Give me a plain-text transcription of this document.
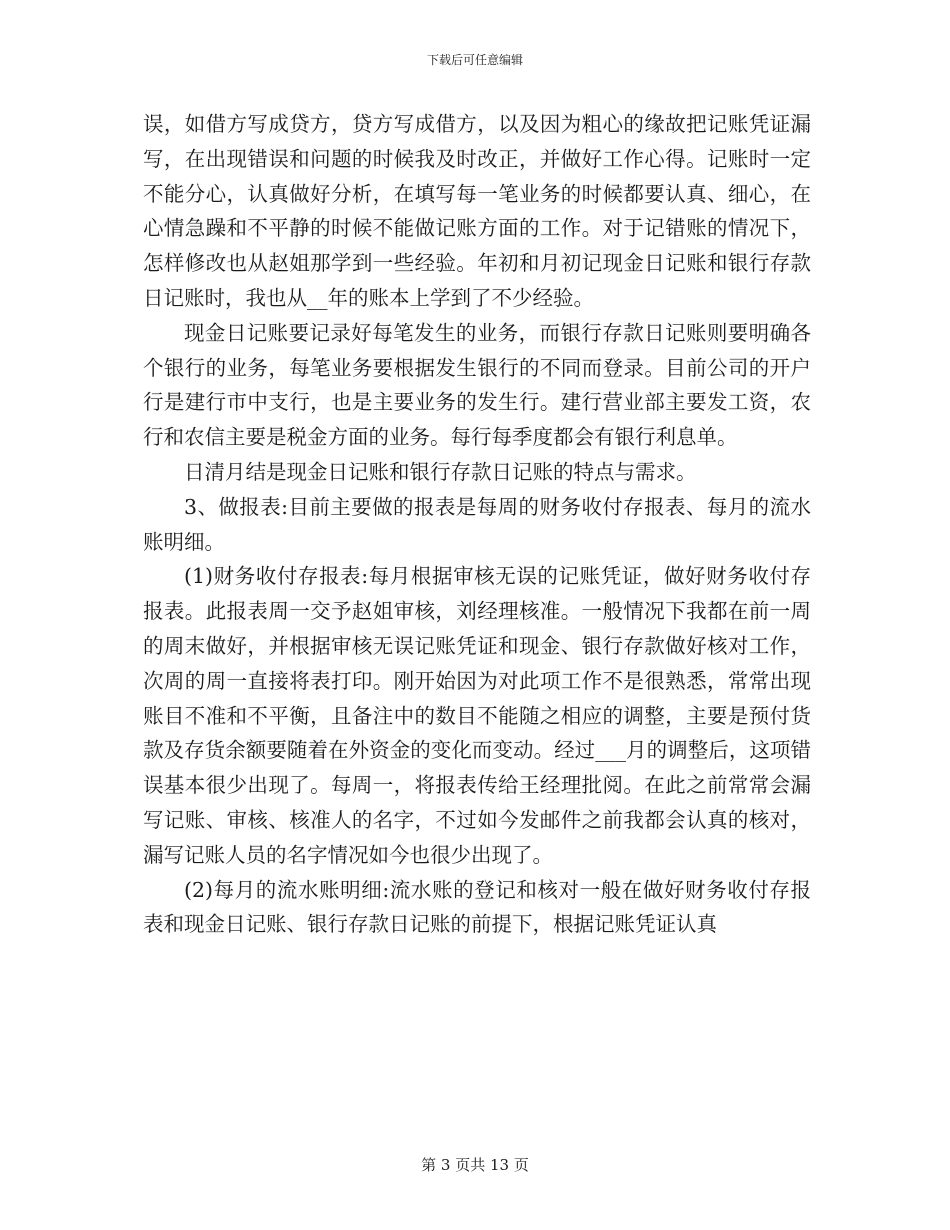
下载后可任意编辑

误，如借方写成贷方，贷方写成借方，以及因为粗心的缘故把记账凭证漏写，在出现错误和问题的时候我及时改正，并做好工作心得。记账时一定不能分心，认真做好分析，在填写每一笔业务的时候都要认真、细心，在心情急躁和不平静的时候不能做记账方面的工作。对于记错账的情况下，怎样修改也从赵姐那学到一些经验。年初和月初记现金日记账和银行存款日记账时，我也从__年的账本上学到了不少经验。

现金日记账要记录好每笔发生的业务，而银行存款日记账则要明确各个银行的业务，每笔业务要根据发生银行的不同而登录。目前公司的开户行是建行市中支行，也是主要业务的发生行。建行营业部主要发工资，农行和农信主要是税金方面的业务。每行每季度都会有银行利息单。

日清月结是现金日记账和银行存款日记账的特点与需求。

3、做报表:目前主要做的报表是每周的财务收付存报表、每月的流水账明细。

(1)财务收付存报表:每月根据审核无误的记账凭证，做好财务收付存报表。此报表周一交予赵姐审核，刘经理核准。一般情况下我都在前一周的周末做好，并根据审核无误记账凭证和现金、银行存款做好核对工作，次周的周一直接将表打印。刚开始因为对此项工作不是很熟悉，常常出现账目不准和不平衡，且备注中的数目不能随之相应的调整，主要是预付货款及存货余额要随着在外资金的变化而变动。经过___月的调整后，这项错误基本很少出现了。每周一，将报表传给王经理批阅。在此之前常常会漏写记账、审核、核准人的名字，不过如今发邮件之前我都会认真的核对，漏写记账人员的名字情况如今也很少出现了。

(2)每月的流水账明细:流水账的登记和核对一般在做好财务收付存报表和现金日记账、银行存款日记账的前提下，根据记账凭证认真

第 3 页共 13 页
